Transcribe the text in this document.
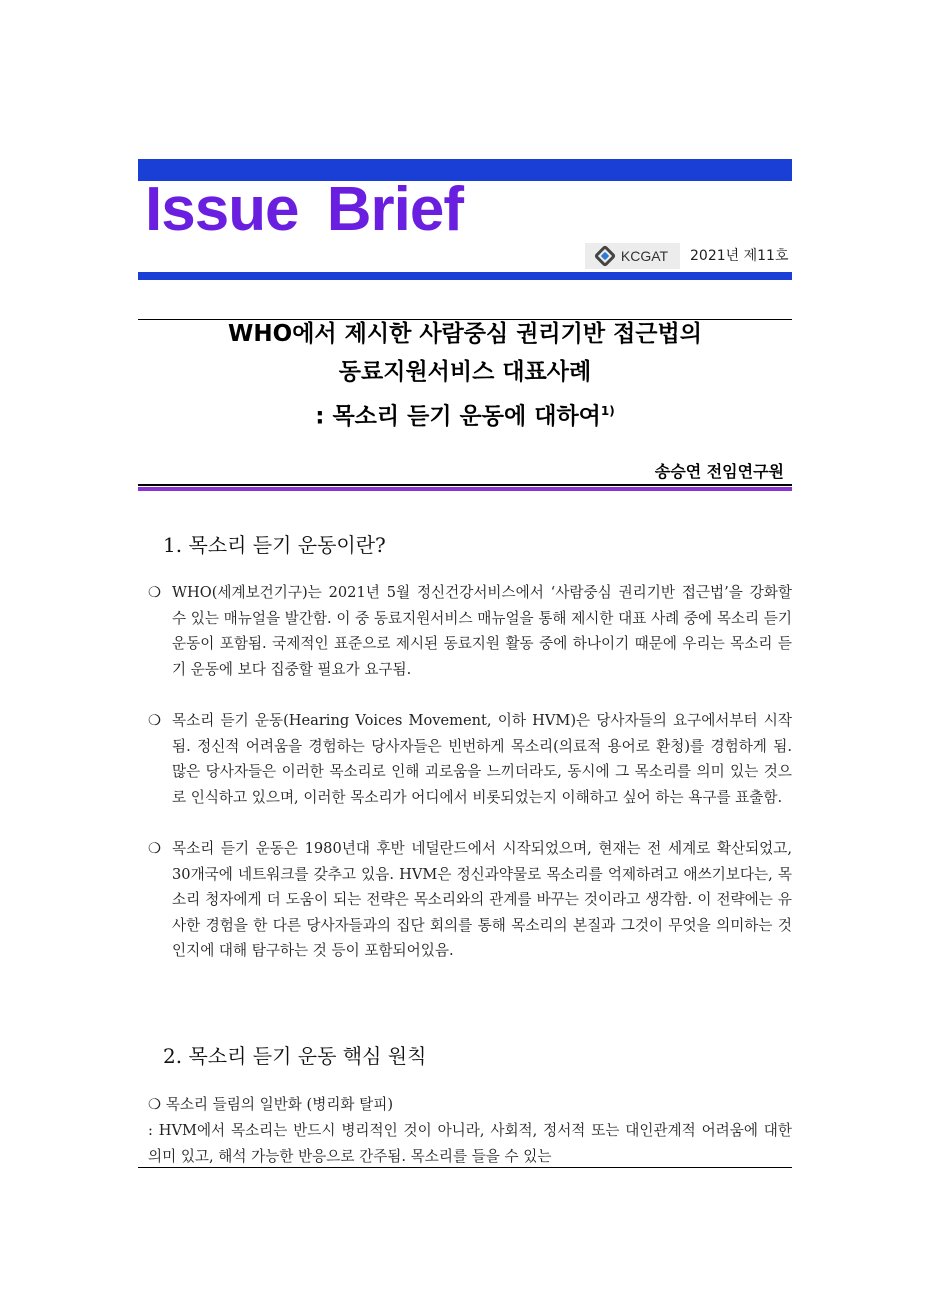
Issue Brief
KCGAT 2021년 제11호
WHO에서 제시한 사람중심 권리기반 접근법의
동료지원서비스 대표사례
: 목소리 듣기 운동에 대하여$^{1)}$
송승연 전임연구원
1. 목소리 듣기 운동이란?
❍ WHO(세계보건기구)는 2021년 5월 정신건강서비스에서 ‘사람중심 권리기반 접근법’을 강화할 수 있는 매뉴얼을 발간함. 이 중 동료지원서비스 매뉴얼을 통해 제시한 대표 사례 중에 목소리 듣기 운동이 포함됨. 국제적인 표준으로 제시된 동료지원 활동 중에 하나이기 때문에 우리는 목소리 듣기 운동에 보다 집중할 필요가 요구됨.
❍ 목소리 듣기 운동(Hearing Voices Movement, 이하 HVM)은 당사자들의 요구에서부터 시작됨. 정신적 어려움을 경험하는 당사자들은 빈번하게 목소리(의료적 용어로 환청)를 경험하게 됨. 많은 당사자들은 이러한 목소리로 인해 괴로움을 느끼더라도, 동시에 그 목소리를 의미 있는 것으로 인식하고 있으며, 이러한 목소리가 어디에서 비롯되었는지 이해하고 싶어 하는 욕구를 표출함.
❍ 목소리 듣기 운동은 1980년대 후반 네덜란드에서 시작되었으며, 현재는 전 세계로 확산되었고, 30개국에 네트워크를 갖추고 있음. HVM은 정신과약물로 목소리를 억제하려고 애쓰기보다는, 목소리 청자에게 더 도움이 되는 전략은 목소리와의 관계를 바꾸는 것이라고 생각함. 이 전략에는 유사한 경험을 한 다른 당사자들과의 집단 회의를 통해 목소리의 본질과 그것이 무엇을 의미하는 것인지에 대해 탐구하는 것 등이 포함되어있음.
2. 목소리 듣기 운동 핵심 원칙
❍ 목소리 들림의 일반화 (병리화 탈피)
: HVM에서 목소리는 반드시 병리적인 것이 아니라, 사회적, 정서적 또는 대인관계적 어려움에 대한 의미 있고, 해석 가능한 반응으로 간주됨. 목소리를 들을 수 있는
